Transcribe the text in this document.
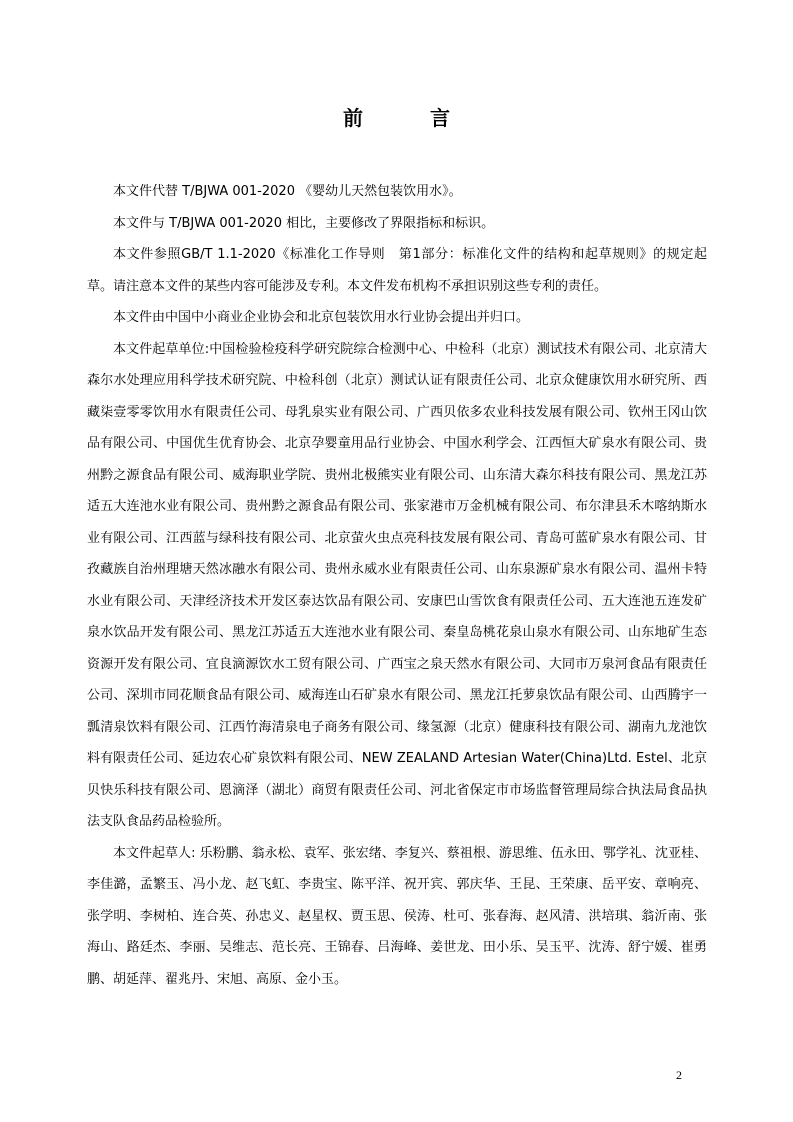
前 言

本文件代替 T/BJWA 001-2020 《婴幼儿天然包装饮用水》。

本文件与 T/BJWA 001-2020 相比，主要修改了界限指标和标识。

本文件参照GB/T 1.1-2020《标准化工作导则　第1部分：标准化文件的结构和起草规则》的规定起草。请注意本文件的某些内容可能涉及专利。本文件发布机构不承担识别这些专利的责任。

本文件由中国中小商业企业协会和北京包装饮用水行业协会提出并归口。

本文件起草单位:中国检验检疫科学研究院综合检测中心、中检科（北京）测试技术有限公司、北京清大森尔水处理应用科学技术研究院、中检科创（北京）测试认证有限责任公司、北京众健康饮用水研究所、西藏柒壹零零饮用水有限责任公司、母乳泉实业有限公司、广西贝依多农业科技发展有限公司、钦州王冈山饮品有限公司、中国优生优育协会、北京孕婴童用品行业协会、中国水利学会、江西恒大矿泉水有限公司、贵州黔之源食品有限公司、威海职业学院、贵州北极熊实业有限公司、山东清大森尔科技有限公司、黑龙江苏适五大连池水业有限公司、贵州黔之源食品有限公司、张家港市万金机械有限公司、布尔津县禾木喀纳斯水业有限公司、江西蓝与绿科技有限公司、北京萤火虫点亮科技发展有限公司、青岛可蓝矿泉水有限公司、甘孜藏族自治州理塘天然冰融水有限公司、贵州永威水业有限责任公司、山东泉源矿泉水有限公司、温州卡特水业有限公司、天津经济技术开发区泰达饮品有限公司、安康巴山雪饮食有限责任公司、五大连池五连发矿泉水饮品开发有限公司、黑龙江苏适五大连池水业有限公司、秦皇岛桃花泉山泉水有限公司、山东地矿生态资源开发有限公司、宜良滴源饮水工贸有限公司、广西宝之泉天然水有限公司、大同市万泉河食品有限责任公司、深圳市同花顺食品有限公司、威海连山石矿泉水有限公司、黑龙江托萝泉饮品有限公司、山西腾宇一瓢清泉饮料有限公司、江西竹海清泉电子商务有限公司、缘氢源（北京）健康科技有限公司、湖南九龙池饮料有限责任公司、延边农心矿泉饮料有限公司、NEW ZEALAND Artesian Water(China)Ltd. Estel、北京贝快乐科技有限公司、恩滴泽（湖北）商贸有限责任公司、河北省保定市市场监督管理局综合执法局食品执法支队食品药品检验所。

本文件起草人: 乐粉鹏、翁永松、袁军、张宏绪、李复兴、蔡祖根、游思维、伍永田、鄂学礼、沈亚桂、李佳潞，孟繁玉、冯小龙、赵飞虹、李贵宝、陈平洋、祝开宾、郭庆华、王昆、王荣康、岳平安、章响亮、张学明、李树柏、连合英、孙忠义、赵星权、贾玉思、侯涛、杜可、张春海、赵风清、洪培琪、翁沂南、张海山、路廷杰、李丽、吴维志、范长亮、王锦春、吕海峰、姜世龙、田小乐、吴玉平、沈涛、舒宁媛、崔勇鹏、胡延萍、翟兆丹、宋旭、高原、金小玉。

2
